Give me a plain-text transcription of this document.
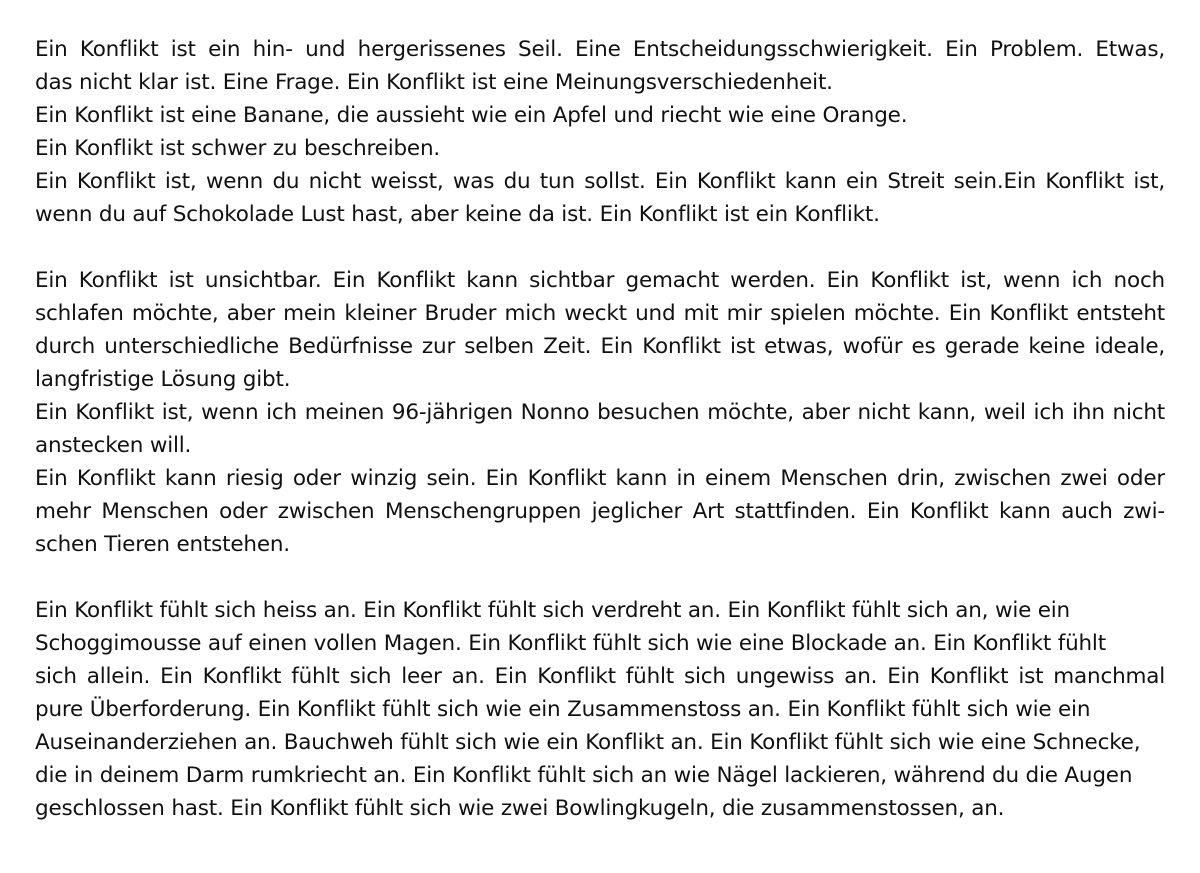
Ein Konflikt ist ein hin- und hergerissenes Seil. Eine Entscheidungsschwierigkeit. Ein Problem. Etwas,
das nicht klar ist. Eine Frage. Ein Konflikt ist eine Meinungsverschiedenheit.
Ein Konflikt ist eine Banane, die aussieht wie ein Apfel und riecht wie eine Orange.
Ein Konflikt ist schwer zu beschreiben.
Ein Konflikt ist, wenn du nicht weisst, was du tun sollst. Ein Konflikt kann ein Streit sein.Ein Konflikt ist,
wenn du auf Schokolade Lust hast, aber keine da ist. Ein Konflikt ist ein Konflikt.
Ein Konflikt ist unsichtbar. Ein Konflikt kann sichtbar gemacht werden. Ein Konflikt ist, wenn ich noch
schlafen möchte, aber mein kleiner Bruder mich weckt und mit mir spielen möchte. Ein Konflikt entsteht
durch unterschiedliche Bedürfnisse zur selben Zeit. Ein Konflikt ist etwas, wofür es gerade keine ideale,
langfristige Lösung gibt.
Ein Konflikt ist, wenn ich meinen 96-jährigen Nonno besuchen möchte, aber nicht kann, weil ich ihn nicht
anstecken will.
Ein Konflikt kann riesig oder winzig sein. Ein Konflikt kann in einem Menschen drin, zwischen zwei oder
mehr Menschen oder zwischen Menschengruppen jeglicher Art stattfinden. Ein Konflikt kann auch zwi-
schen Tieren entstehen.
Ein Konflikt fühlt sich heiss an. Ein Konflikt fühlt sich verdreht an. Ein Konflikt fühlt sich an, wie ein
Schoggimousse auf einen vollen Magen. Ein Konflikt fühlt sich wie eine Blockade an. Ein Konflikt fühlt
sich allein. Ein Konflikt fühlt sich leer an. Ein Konflikt fühlt sich ungewiss an. Ein Konflikt ist manchmal
pure Überforderung. Ein Konflikt fühlt sich wie ein Zusammenstoss an. Ein Konflikt fühlt sich wie ein
Auseinanderziehen an. Bauchweh fühlt sich wie ein Konflikt an. Ein Konflikt fühlt sich wie eine Schnecke,
die in deinem Darm rumkriecht an. Ein Konflikt fühlt sich an wie Nägel lackieren, während du die Augen
geschlossen hast. Ein Konflikt fühlt sich wie zwei Bowlingkugeln, die zusammenstossen, an.
